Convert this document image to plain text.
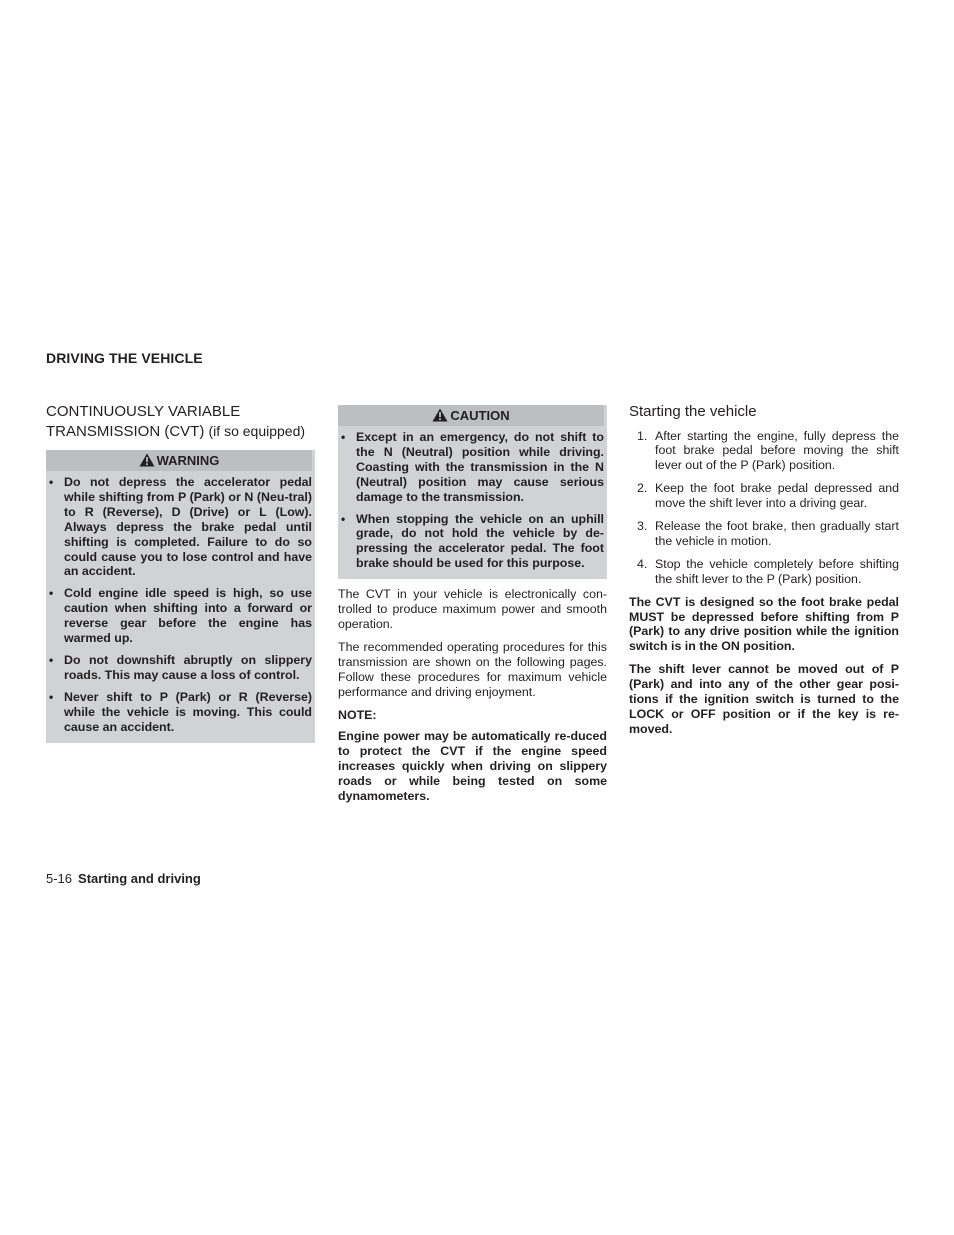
DRIVING THE VEHICLE
CONTINUOUSLY VARIABLE TRANSMISSION (CVT) (if so equipped)
WARNING
• Do not depress the accelerator pedal while shifting from P (Park) or N (Neu-tral) to R (Reverse), D (Drive) or L (Low). Always depress the brake pedal until shifting is completed. Failure to do so could cause you to lose control and have an accident.
• Cold engine idle speed is high, so use caution when shifting into a forward or reverse gear before the engine has warmed up.
• Do not downshift abruptly on slippery roads. This may cause a loss of control.
• Never shift to P (Park) or R (Reverse) while the vehicle is moving. This could cause an accident.
CAUTION
• Except in an emergency, do not shift to the N (Neutral) position while driving. Coasting with the transmission in the N (Neutral) position may cause serious damage to the transmission.
• When stopping the vehicle on an uphill grade, do not hold the vehicle by de-pressing the accelerator pedal. The foot brake should be used for this purpose.

The CVT in your vehicle is electronically con-trolled to produce maximum power and smooth operation.

The recommended operating procedures for this transmission are shown on the following pages. Follow these procedures for maximum vehicle performance and driving enjoyment.

NOTE:

Engine power may be automatically re-duced to protect the CVT if the engine speed increases quickly when driving on slippery roads or while being tested on some dynamometers.

Starting the vehicle
1. After starting the engine, fully depress the foot brake pedal before moving the shift lever out of the P (Park) position.
2. Keep the foot brake pedal depressed and move the shift lever into a driving gear.
3. Release the foot brake, then gradually start the vehicle in motion.
4. Stop the vehicle completely before shifting the shift lever to the P (Park) position.

The CVT is designed so the foot brake pedal MUST be depressed before shifting from P (Park) to any drive position while the ignition switch is in the ON position.

The shift lever cannot be moved out of P (Park) and into any of the other gear posi-tions if the ignition switch is turned to the LOCK or OFF position or if the key is re-moved.

5-16 Starting and driving
